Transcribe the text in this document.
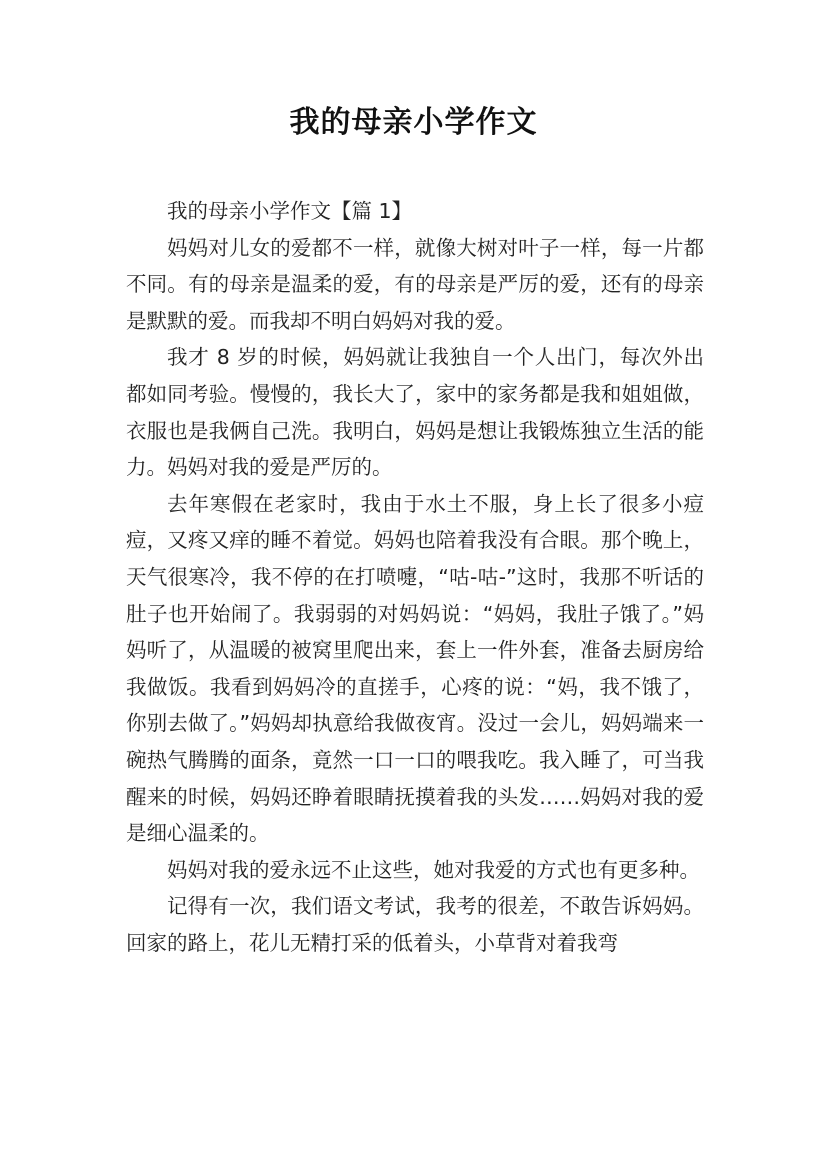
我的母亲小学作文

我的母亲小学作文【篇 1】

妈妈对儿女的爱都不一样，就像大树对叶子一样，每一片都不同。有的母亲是温柔的爱，有的母亲是严厉的爱，还有的母亲是默默的爱。而我却不明白妈妈对我的爱。

我才 8 岁的时候，妈妈就让我独自一个人出门，每次外出都如同考验。慢慢的，我长大了，家中的家务都是我和姐姐做，衣服也是我俩自己洗。我明白，妈妈是想让我锻炼独立生活的能力。妈妈对我的爱是严厉的。

去年寒假在老家时，我由于水土不服，身上长了很多小痘痘，又疼又痒的睡不着觉。妈妈也陪着我没有合眼。那个晚上，天气很寒冷，我不停的在打喷嚏，“咕-咕-”这时，我那不听话的肚子也开始闹了。我弱弱的对妈妈说：“妈妈，我肚子饿了。”妈妈听了，从温暖的被窝里爬出来，套上一件外套，准备去厨房给我做饭。我看到妈妈冷的直搓手，心疼的说：“妈，我不饿了，你别去做了。”妈妈却执意给我做夜宵。没过一会儿，妈妈端来一碗热气腾腾的面条，竟然一口一口的喂我吃。我入睡了，可当我醒来的时候，妈妈还睁着眼睛抚摸着我的头发……妈妈对我的爱是细心温柔的。

妈妈对我的爱永远不止这些，她对我爱的方式也有更多种。

记得有一次，我们语文考试，我考的很差，不敢告诉妈妈。回家的路上，花儿无精打采的低着头，小草背对着我弯
